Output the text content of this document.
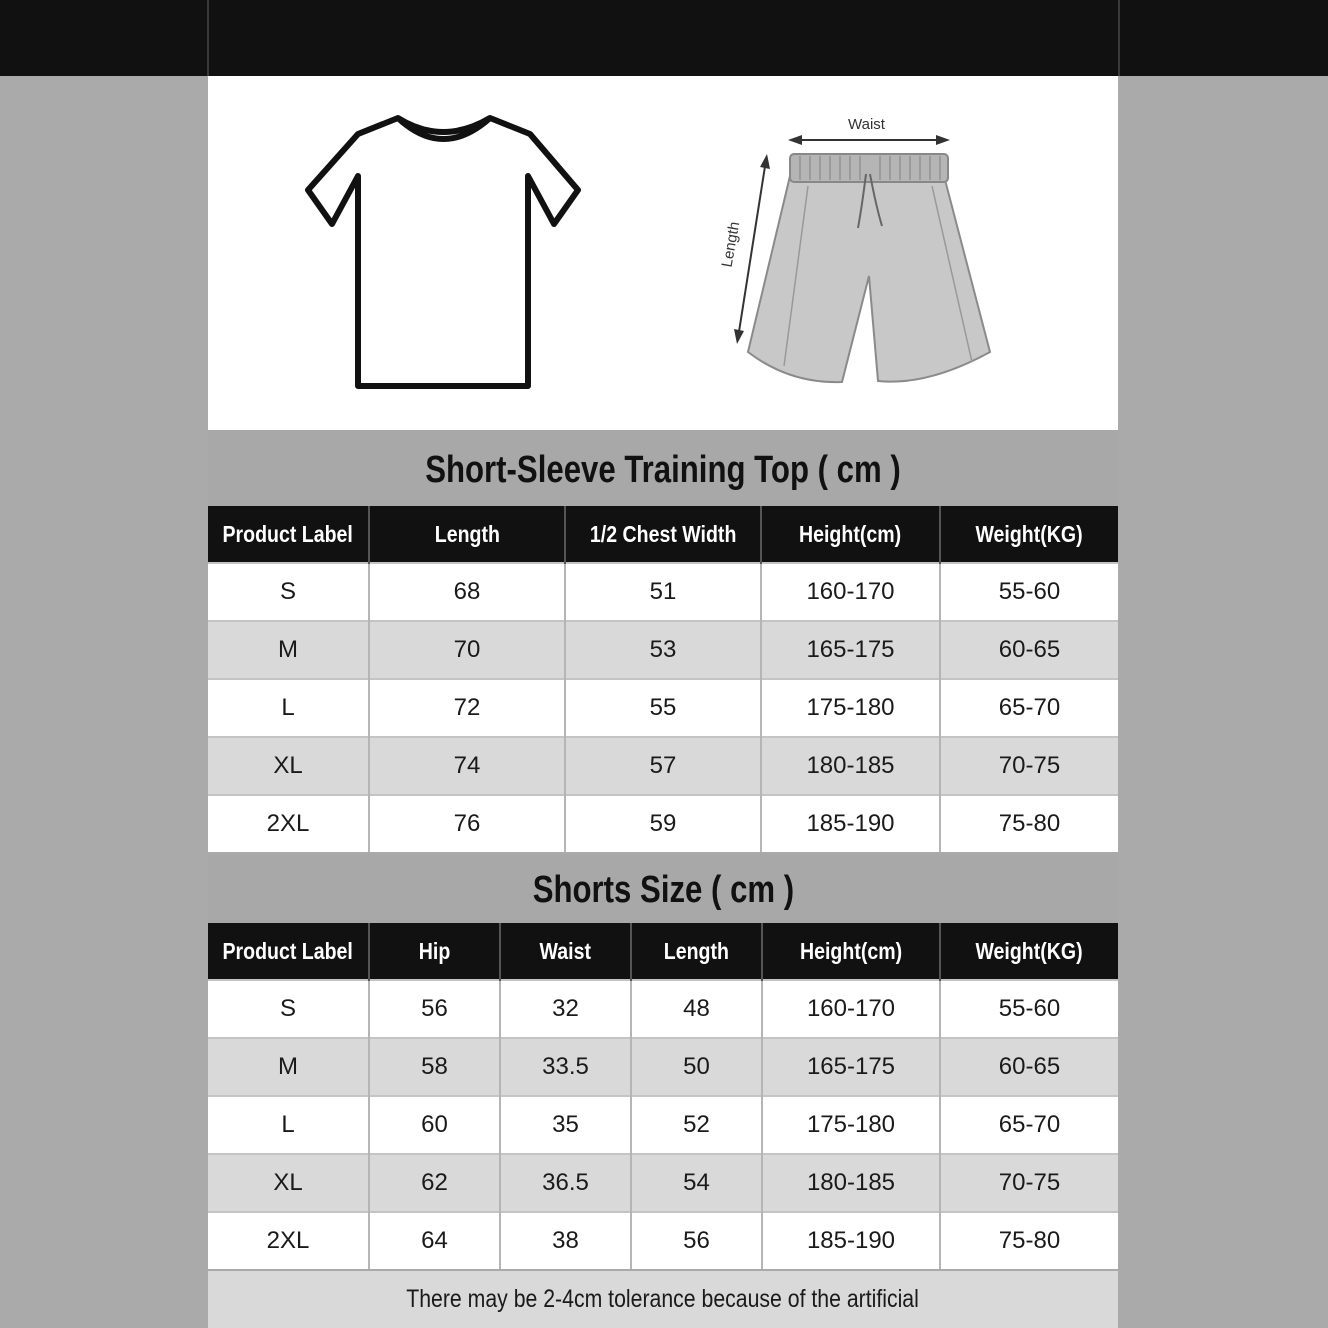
Waist
Length
Short-Sleeve Training Top ( cm )
Product Label	Length	1/2 Chest Width	Height(cm)	Weight(KG)
S	68	51	160-170	55-60
M	70	53	165-175	60-65
L	72	55	175-180	65-70
XL	74	57	180-185	70-75
2XL	76	59	185-190	75-80
Shorts Size ( cm )
Product Label	Hip	Waist	Length	Height(cm)	Weight(KG)
S	56	32	48	160-170	55-60
M	58	33.5	50	165-175	60-65
L	60	35	52	175-180	65-70
XL	62	36.5	54	180-185	70-75
2XL	64	38	56	185-190	75-80
There may be 2-4cm tolerance because of the artificial
